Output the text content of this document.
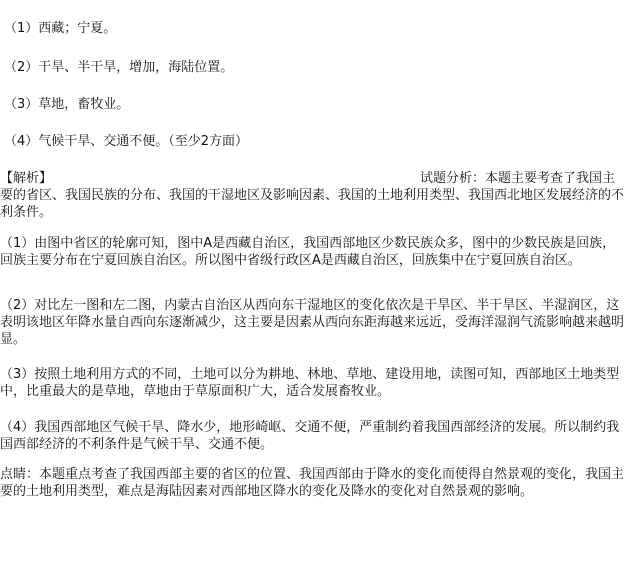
（1）西藏；宁夏。
（2）干旱、半干旱，增加，海陆位置。
（3）草地，畜牧业。
（4）气候干旱、交通不便。（至少2方面）
【解析】	试题分析：本题主要考查了我国主
要的省区、我国民族的分布、我国的干湿地区及影响因素、我国的土地利用类型、我国西北地区发展经济的不利条件。
（1）由图中省区的轮廓可知，图中A是西藏自治区，我国西部地区少数民族众多，图中的少数民族是回族，回族主要分布在宁夏回族自治区。所以图中省级行政区A是西藏自治区，回族集中在宁夏回族自治区。
（2）对比左一图和左二图，内蒙古自治区从西向东干湿地区的变化依次是干旱区、半干旱区、半湿润区，这表明该地区年降水量自西向东逐渐减少，这主要是因素从西向东距海越来远近，受海洋湿润气流影响越来越明显。
（3）按照土地利用方式的不同，土地可以分为耕地、林地、草地、建设用地，读图可知，西部地区土地类型中，比重最大的是草地，草地由于草原面积广大，适合发展畜牧业。
（4）我国西部地区气候干旱、降水少，地形崎岖、交通不便，严重制约着我国西部经济的发展。所以制约我国西部经济的不利条件是气候干旱、交通不便。
点睛：本题重点考查了我国西部主要的省区的位置、我国西部由于降水的变化而使得自然景观的变化，我国主要的土地利用类型，难点是海陆因素对西部地区降水的变化及降水的变化对自然景观的影响。
